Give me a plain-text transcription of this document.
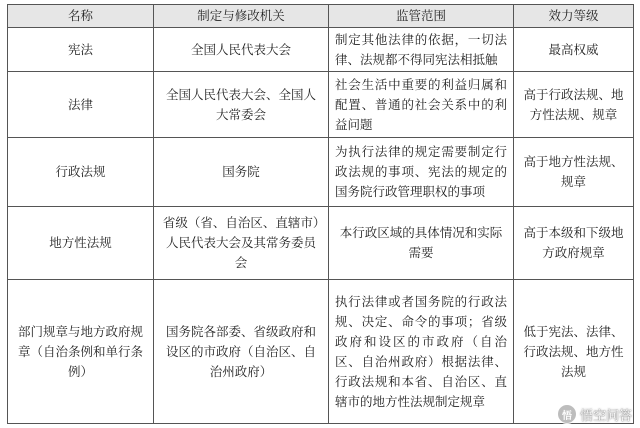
名称	制定与修改机关	监管范围	效力等级
宪法	全国人民代表大会	制定其他法律的依据，一切法律、法规都不得同宪法相抵触	最高权威
法律	全国人民代表大会、全国人大常委会	社会生活中重要的利益归属和配置、普通的社会关系中的利益问题	高于行政法规、地方性法规、规章
行政法规	国务院	为执行法律的规定需要制定行政法规的事项、宪法的规定的国务院行政管理职权的事项	高于地方性法规、规章
地方性法规	省级（省、自治区、直辖市）人民代表大会及其常务委员会	本行政区域的具体情况和实际需要	高于本级和下级地方政府规章
部门规章与地方政府规章（自治条例和单行条例）	国务院各部委、省级政府和设区的市政府（自治区、自治州政府）	执行法律或者国务院的行政法规、决定、命令的事项；省级政府和设区的市政府（自治区、自治州政府）根据法律、行政法规和本省、自治区、直辖市的地方性法规制定规章	低于宪法、法律、行政法规、地方性法规
悟 悟空问答
